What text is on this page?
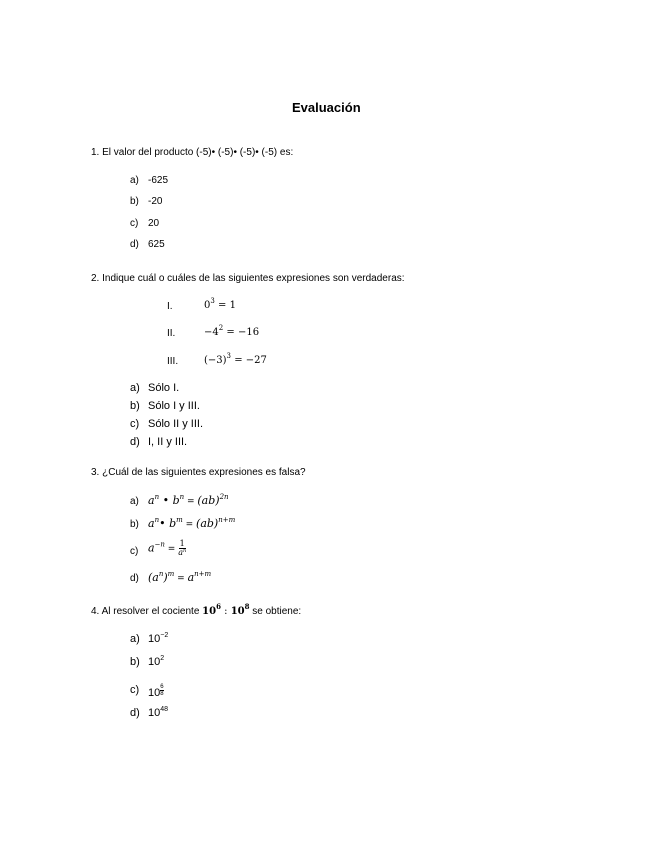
Evaluación
1. El valor del producto (-5)• (-5)• (-5)• (-5) es:
a) -625
b) -20
c) 20
d) 625
2. Indique cuál o cuáles de las siguientes expresiones son verdaderas:
I.	$0^3 = 1$
II.	$-4^2 = -16$
III.	$(-3)^3 = -27$
a) Sólo I.
b) Sólo I y III.
c) Sólo II y III.
d) I, II y III.
3. ¿Cuál de las siguientes expresiones es falsa?
a) $a^n$ • $b^n = (ab)^{2n}$
b) $a^n•$ $b^m = (ab)^{n+m}$
c) $a^{-n} = \frac{1}{a^n}$
d) $(a^n)^m = a^{n+m}$
4. Al resolver el cociente $10^6$ : $10^8$ se obtiene:
a) $10^{-2}$
b) $10^2$
c) $10 \frac{6}{8}$
d) $10^{48}$
